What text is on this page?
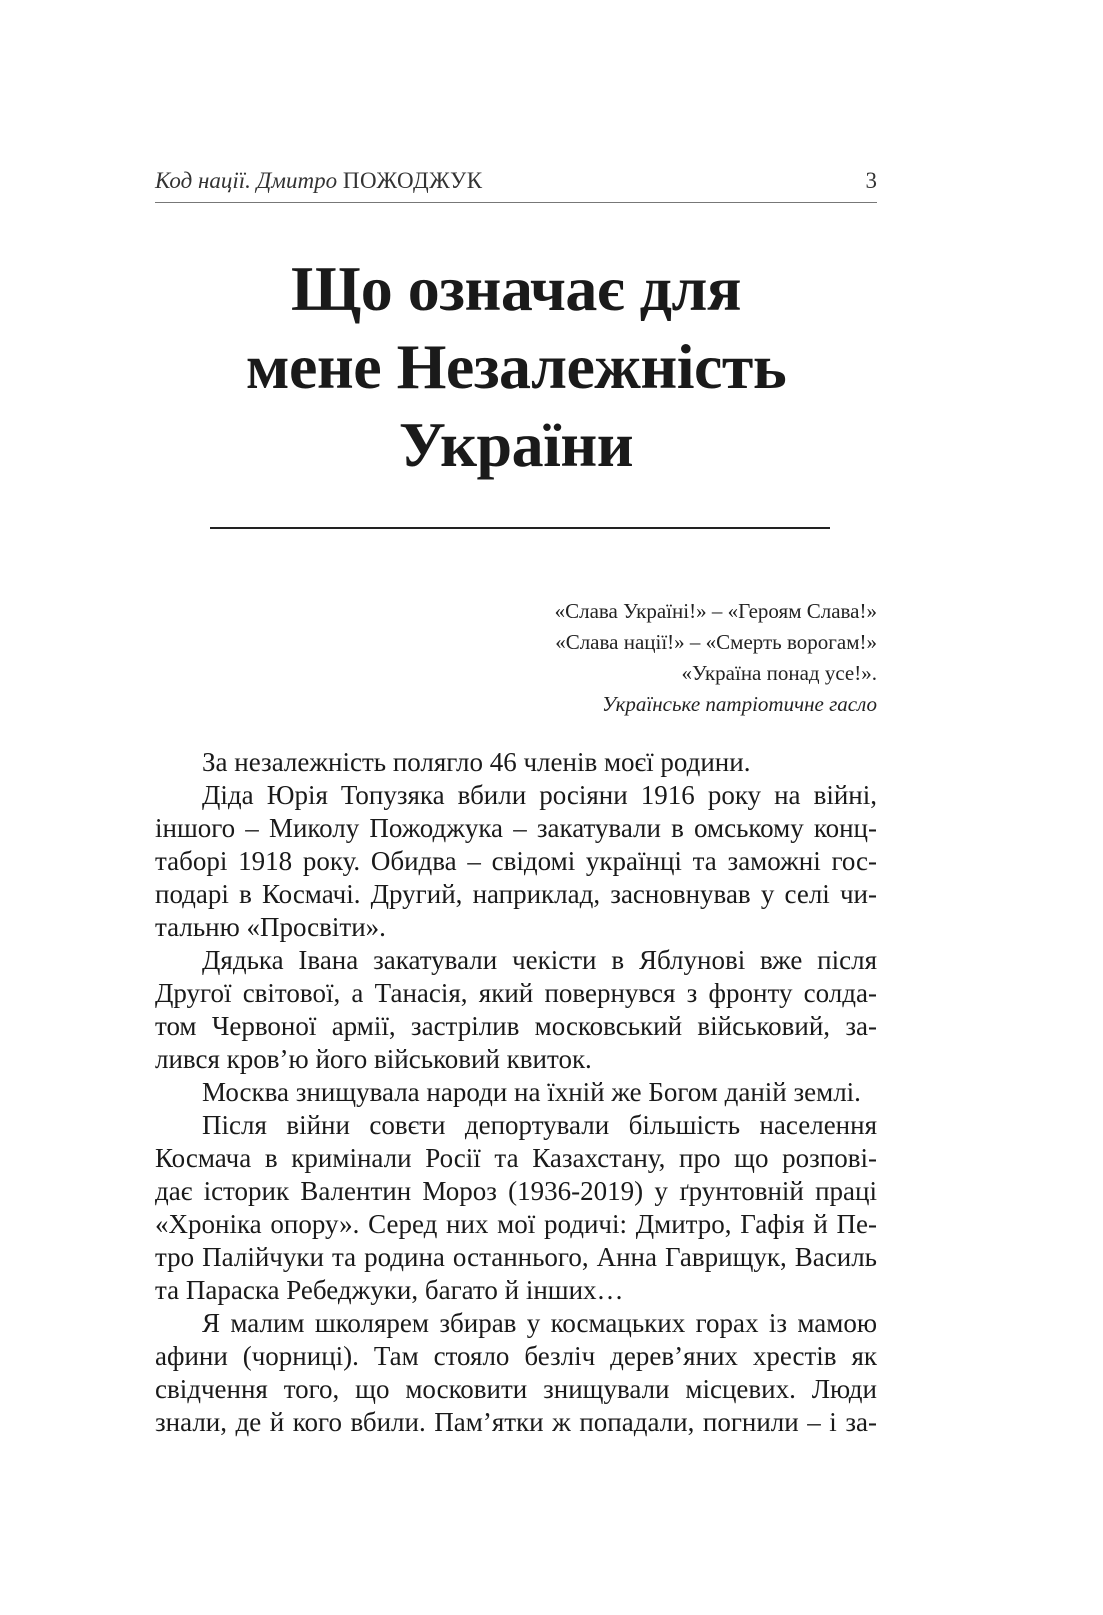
Код нації. Дмитро ПОЖОДЖУК	3
Що означає для
мене Незалежність
України
«Слава Україні!» – «Героям Слава!»
«Слава нації!» – «Смерть ворогам!»
«Україна понад усе!».
Українське патріотичне гасло
За незалежність полягло 46 членів моєї родини.
Діда Юрія Топузяка вбили росіяни 1916 року на війні,
іншого – Миколу Пожоджука – закатували в омському конц-
таборі 1918 року. Обидва – свідомі українці та заможні гос-
подарі в Космачі. Другий, наприклад, засновнував у селі чи-
тальню «Просвіти».
Дядька Івана закатували чекісти в Яблунові вже після
Другої світової, а Танасія, який повернувся з фронту солда-
том Червоної армії, застрілив московський військовий, за-
лився кров’ю його військовий квиток.
Москва знищувала народи на їхній же Богом даній землі.
Після війни совєти депортували більшість населення
Космача в кримінали Росії та Казахстану, про що розпові-
дає історик Валентин Мороз (1936-2019) у ґрунтовній праці
«Хроніка опору». Серед них мої родичі: Дмитро, Гафія й Пе-
тро Палійчуки та родина останнього, Анна Гаврищук, Василь
та Параска Ребеджуки, багато й інших…
Я малим школярем збирав у космацьких горах із мамою
афини (чорниці). Там стояло безліч дерев’яних хрестів як
свідчення того, що московити знищували місцевих. Люди
знали, де й кого вбили. Пам’ятки ж попадали, погнили – і за-
